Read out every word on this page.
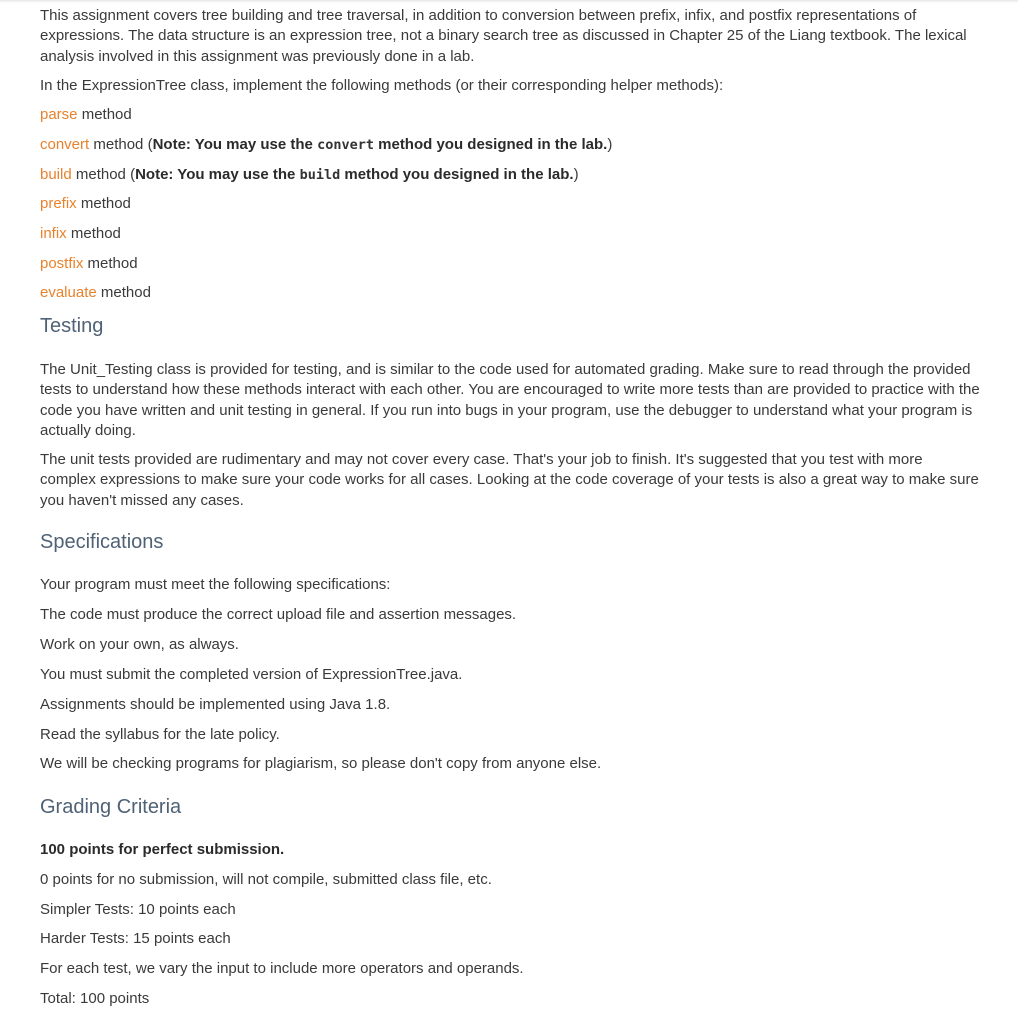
This assignment covers tree building and tree traversal, in addition to conversion between prefix, infix, and postfix representations of expressions. The data structure is an expression tree, not a binary search tree as discussed in Chapter 25 of the Liang textbook. The lexical analysis involved in this assignment was previously done in a lab.

In the ExpressionTree class, implement the following methods (or their corresponding helper methods):

parse method
convert method (Note: You may use the convert method you designed in the lab.)
build method (Note: You may use the build method you designed in the lab.)
prefix method
infix method
postfix method
evaluate method
Testing

The Unit_Testing class is provided for testing, and is similar to the code used for automated grading. Make sure to read through the provided tests to understand how these methods interact with each other. You are encouraged to write more tests than are provided to practice with the code you have written and unit testing in general. If you run into bugs in your program, use the debugger to understand what your program is actually doing.

The unit tests provided are rudimentary and may not cover every case. That's your job to finish. It's suggested that you test with more complex expressions to make sure your code works for all cases. Looking at the code coverage of your tests is also a great way to make sure you haven't missed any cases.

Specifications
Your program must meet the following specifications:
The code must produce the correct upload file and assertion messages.
Work on your own, as always.
You must submit the completed version of ExpressionTree.java.
Assignments should be implemented using Java 1.8.
Read the syllabus for the late policy.
We will be checking programs for plagiarism, so please don't copy from anyone else.
Grading Criteria
100 points for perfect submission.
0 points for no submission, will not compile, submitted class file, etc.
Simpler Tests: 10 points each
Harder Tests: 15 points each
For each test, we vary the input to include more operators and operands.
Total: 100 points
